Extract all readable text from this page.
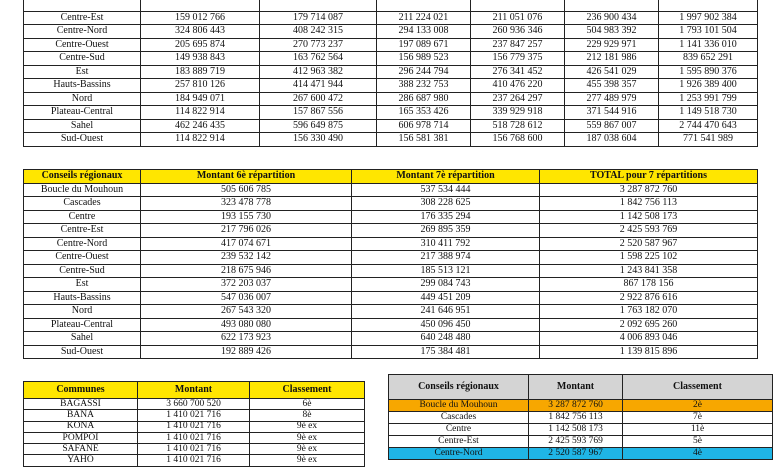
Centre-Est	159 012 766	179 714 087	211 224 021	211 051 076	236 900 434	1 997 902 384
Centre-Nord	324 806 443	408 242 315	294 133 008	260 936 346	504 983 392	1 793 101 504
Centre-Ouest	205 695 874	270 773 237	197 089 671	237 847 257	229 929 971	1 141 336 010
Centre-Sud	149 938 843	163 762 564	156 989 523	156 779 375	212 181 986	839 652 291
Est	183 889 719	412 963 382	296 244 794	276 341 452	426 541 029	1 595 890 376
Hauts-Bassins	257 810 126	414 471 944	388 232 753	410 476 220	455 398 357	1 926 389 400
Nord	184 949 071	267 600 472	286 687 980	237 264 297	277 489 979	1 253 991 799
Plateau-Central	114 822 914	157 867 556	165 353 426	339 929 918	371 544 916	1 149 518 730
Sahel	462 246 435	596 649 875	606 978 714	518 728 612	559 867 007	2 744 470 643
Sud-Ouest	114 822 914	156 330 490	156 581 381	156 768 600	187 038 604	771 541 989
Conseils régionaux	Montant 6è répartition	Montant 7è répartition	TOTAL pour 7 répartitions
Boucle du Mouhoun	505 606 785	537 534 444	3 287 872 760
Cascades	323 478 778	308 228 625	1 842 756 113
Centre	193 155 730	176 335 294	1 142 508 173
Centre-Est	217 796 026	269 895 359	2 425 593 769
Centre-Nord	417 074 671	310 411 792	2 520 587 967
Centre-Ouest	239 532 142	217 388 974	1 598 225 102
Centre-Sud	218 675 946	185 513 121	1 243 841 358
Est	372 203 037	299 084 743	867 178 156
Hauts-Bassins	547 036 007	449 451 209	2 922 876 616
Nord	267 543 320	241 646 951	1 763 182 070
Plateau-Central	493 080 080	450 096 450	2 092 695 260
Sahel	622 173 923	640 248 480	4 006 893 046
Sud-Ouest	192 889 426	175 384 481	1 139 815 896
Communes	Montant	Classement
BAGASSI	3 660 700 520	6è
BANA	1 410 021 716	8è
KONA	1 410 021 716	9è ex
POMPOÏ	1 410 021 716	9è ex
SAFANE	1 410 021 716	9è ex
YAHO	1 410 021 716	9è ex
Conseils régionaux	Montant	Classement
Boucle du Mouhoun	3 287 872 760	2è
Cascades	1 842 756 113	7è
Centre	1 142 508 173	11è
Centre-Est	2 425 593 769	5è
Centre-Nord	2 520 587 967	4è
